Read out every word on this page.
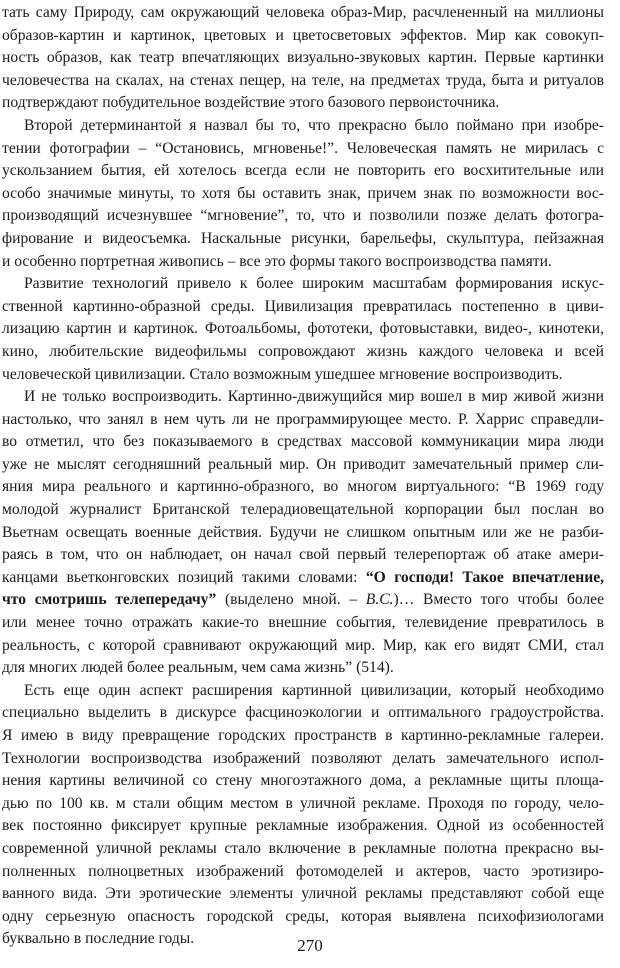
тать саму Природу, сам окружающий человека образ-Мир, расчлененный на миллионы
образов-картин и картинок, цветовых и цветосветовых эффектов. Мир как совокуп-
ность образов, как театр впечатляющих визуально-звуковых картин. Первые картинки
человечества на скалах, на стенах пещер, на теле, на предметах труда, быта и ритуалов
подтверждают побудительное воздействие этого базового первоисточника.

Второй детерминантой я назвал бы то, что прекрасно было поймано при изобре-
тении фотографии – “Остановись, мгновенье!”. Человеческая память не мирилась с
ускользанием бытия, ей хотелось всегда если не повторить его восхитительные или
особо значимые минуты, то хотя бы оставить знак, причем знак по возможности вос-
производящий исчезнувшее “мгновение”, то, что и позволили позже делать фотогра-
фирование и видеосъемка. Наскальные рисунки, барельефы, скульптура, пейзажная
и особенно портретная живопись – все это формы такого воспроизводства памяти.

Развитие технологий привело к более широким масштабам формирования искус-
ственной картинно-образной среды. Цивилизация превратилась постепенно в циви-
лизацию картин и картинок. Фотоальбомы, фототеки, фотовыставки, видео-, кинотеки,
кино, любительские видеофильмы сопровождают жизнь каждого человека и всей
человеческой цивилизации. Стало возможным ушедшее мгновение воспроизводить.

И не только воспроизводить. Картинно-движущийся мир вошел в мир живой жизни
настолько, что занял в нем чуть ли не программирующее место. Р. Харрис справедли-
во отметил, что без показываемого в средствах массовой коммуникации мира люди
уже не мыслят сегодняшний реальный мир. Он приводит замечательный пример сли-
яния мира реального и картинно-образного, во многом виртуального: “В 1969 году
молодой журналист Британской телерадиовещательной корпорации был послан во
Вьетнам освещать военные действия. Будучи не слишком опытным или же не разби-
раясь в том, что он наблюдает, он начал свой первый телерепортаж об атаке амери-
канцами вьетконговских позиций такими словами: “О господи! Такое впечатление,
что смотришь телепередачу” (выделено мной. – В.С.)… Вместо того чтобы более
или менее точно отражать какие-то внешние события, телевидение превратилось в
реальность, с которой сравнивают окружающий мир. Мир, как его видят СМИ, стал
для многих людей более реальным, чем сама жизнь” (514).

Есть еще один аспект расширения картинной цивилизации, который необходимо
специально выделить в дискурсе фасциноэкологии и оптимального градоустройства.
Я имею в виду превращение городских пространств в картинно-рекламные галереи.
Технологии воспроизводства изображений позволяют делать замечательного испол-
нения картины величиной со стену многоэтажного дома, а рекламные щиты площа-
дью по 100 кв. м стали общим местом в уличной рекламе. Проходя по городу, чело-
век постоянно фиксирует крупные рекламные изображения. Одной из особенностей
современной уличной рекламы стало включение в рекламные полотна прекрасно вы-
полненных полноцветных изображений фотомоделей и актеров, часто эротизиро-
ванного вида. Эти эротические элементы уличной рекламы представляют собой еще
одну серьезную опасность городской среды, которая выявлена психофизиологами
буквально в последние годы.	270
